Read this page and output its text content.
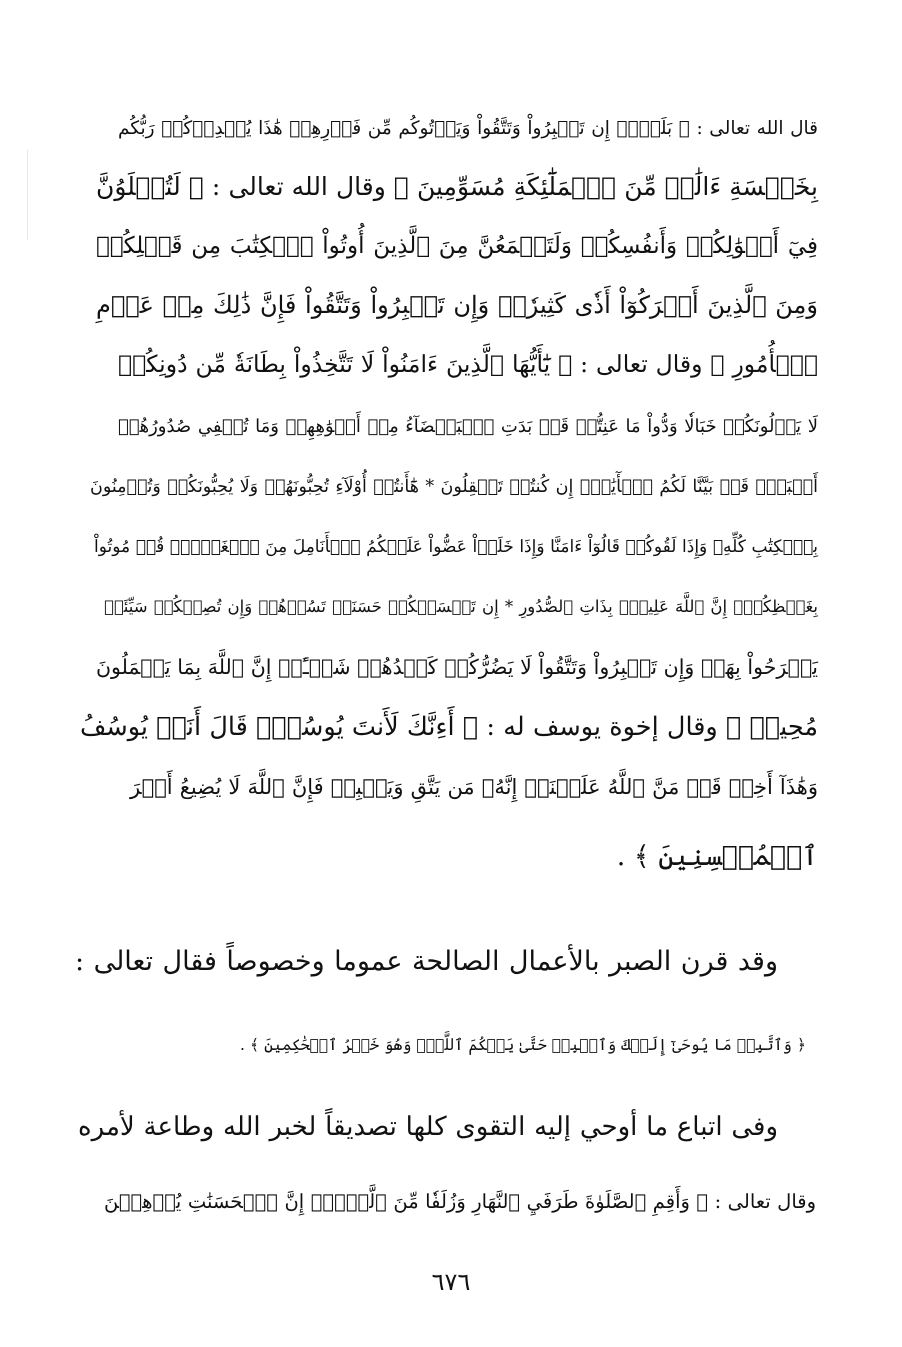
قال الله تعالى : ﴿ بَلَىٰٓۚ إِن تَصۡبِرُواْ وَتَتَّقُواْ وَيَأۡتُوكُم مِّن فَوۡرِهِمۡ هَٰذَا يُمۡدِدۡكُمۡ رَبُّكُم
بِخَمۡسَةِ ءَالَٰفٖ مِّنَ ٱلۡمَلَٰٓئِكَةِ مُسَوِّمِينَ ﴾ وقال الله تعالى : ﴿ لَتُبۡلَوُنَّ
فِيٓ أَمۡوَٰلِكُمۡ وَأَنفُسِكُمۡ وَلَتَسۡمَعُنَّ مِنَ ٱلَّذِينَ أُوتُواْ ٱلۡكِتَٰبَ مِن قَبۡلِكُمۡ
وَمِنَ ٱلَّذِينَ أَشۡرَكُوٓاْ أَذٗى كَثِيرٗاۚ وَإِن تَصۡبِرُواْ وَتَتَّقُواْ فَإِنَّ ذَٰلِكَ مِنۡ عَزۡمِ
ٱلۡأُمُورِ ﴾ وقال تعالى : ﴿ يَٰٓأَيُّهَا ٱلَّذِينَ ءَامَنُواْ لَا تَتَّخِذُواْ بِطَانَةٗ مِّن دُونِكُمۡ
لَا يَأۡلُونَكُمۡ خَبَالٗا وَدُّواْ مَا عَنِتُّمۡ قَدۡ بَدَتِ ٱلۡبَغۡضَآءُ مِنۡ أَفۡوَٰهِهِمۡ وَمَا تُخۡفِي صُدُورُهُمۡ
أَكۡبَرُۚ قَدۡ بَيَّنَّا لَكُمُ ٱلۡأٓيَٰتِۖ إِن كُنتُمۡ تَعۡقِلُونَ * هَٰٓأَنتُمۡ أُوْلَآءِ تُحِبُّونَهُمۡ وَلَا يُحِبُّونَكُمۡ وَتُؤۡمِنُونَ
بِٱلۡكِتَٰبِ كُلِّهِۦ وَإِذَا لَقُوكُمۡ قَالُوٓاْ ءَامَنَّا وَإِذَا خَلَوۡاْ عَضُّواْ عَلَيۡكُمُ ٱلۡأَنَامِلَ مِنَ ٱلۡغَيۡظِۚ قُلۡ مُوتُواْ
بِغَيۡظِكُمۡۗ إِنَّ ٱللَّهَ عَلِيمُۢ بِذَاتِ ٱلصُّدُورِ * إِن تَمۡسَسۡكُمۡ حَسَنَةٞ تَسُؤۡهُمۡ وَإِن تُصِبۡكُمۡ سَيِّئَةٞ
يَفۡرَحُواْ بِهَاۖ وَإِن تَصۡبِرُواْ وَتَتَّقُواْ لَا يَضُرُّكُمۡ كَيۡدُهُمۡ شَيۡـًٔاۗ إِنَّ ٱللَّهَ بِمَا يَعۡمَلُونَ
مُحِيطٞ ﴾ وقال إخوة يوسف له : ﴿ أَءِنَّكَ لَأَنتَ يُوسُفُۖ قَالَ أَنَا۠ يُوسُفُ
وَهَٰذَآ أَخِيۖ قَدۡ مَنَّ ٱللَّهُ عَلَيۡنَآۖ إِنَّهُۥ مَن يَتَّقِ وَيَصۡبِرۡ فَإِنَّ ٱللَّهَ لَا يُضِيعُ أَجۡرَ
ٱلۡمُحۡسِنِينَ ﴾ .
وقد قرن الصبر بالأعمال الصالحة عموما وخصوصاً فقال تعالى :
﴿ وَٱتَّبِعۡ مَا يُوحَىٰٓ إِلَيۡكَ وَٱصۡبِرۡ حَتَّىٰ يَحۡكُمَ ٱللَّهُۚ وَهُوَ خَيۡرُ ٱلۡحَٰكِمِينَ ﴾ .
وفى اتباع ما أوحي إليه التقوى كلها تصديقاً لخبر الله وطاعة لأمره
وقال تعالى : ﴿ وَأَقِمِ ٱلصَّلَوٰةَ طَرَفَيِ ٱلنَّهَارِ وَزُلَفٗا مِّنَ ٱلَّيۡلِۚ إِنَّ ٱلۡحَسَنَٰتِ يُذۡهِبۡنَ
٦٧٦
